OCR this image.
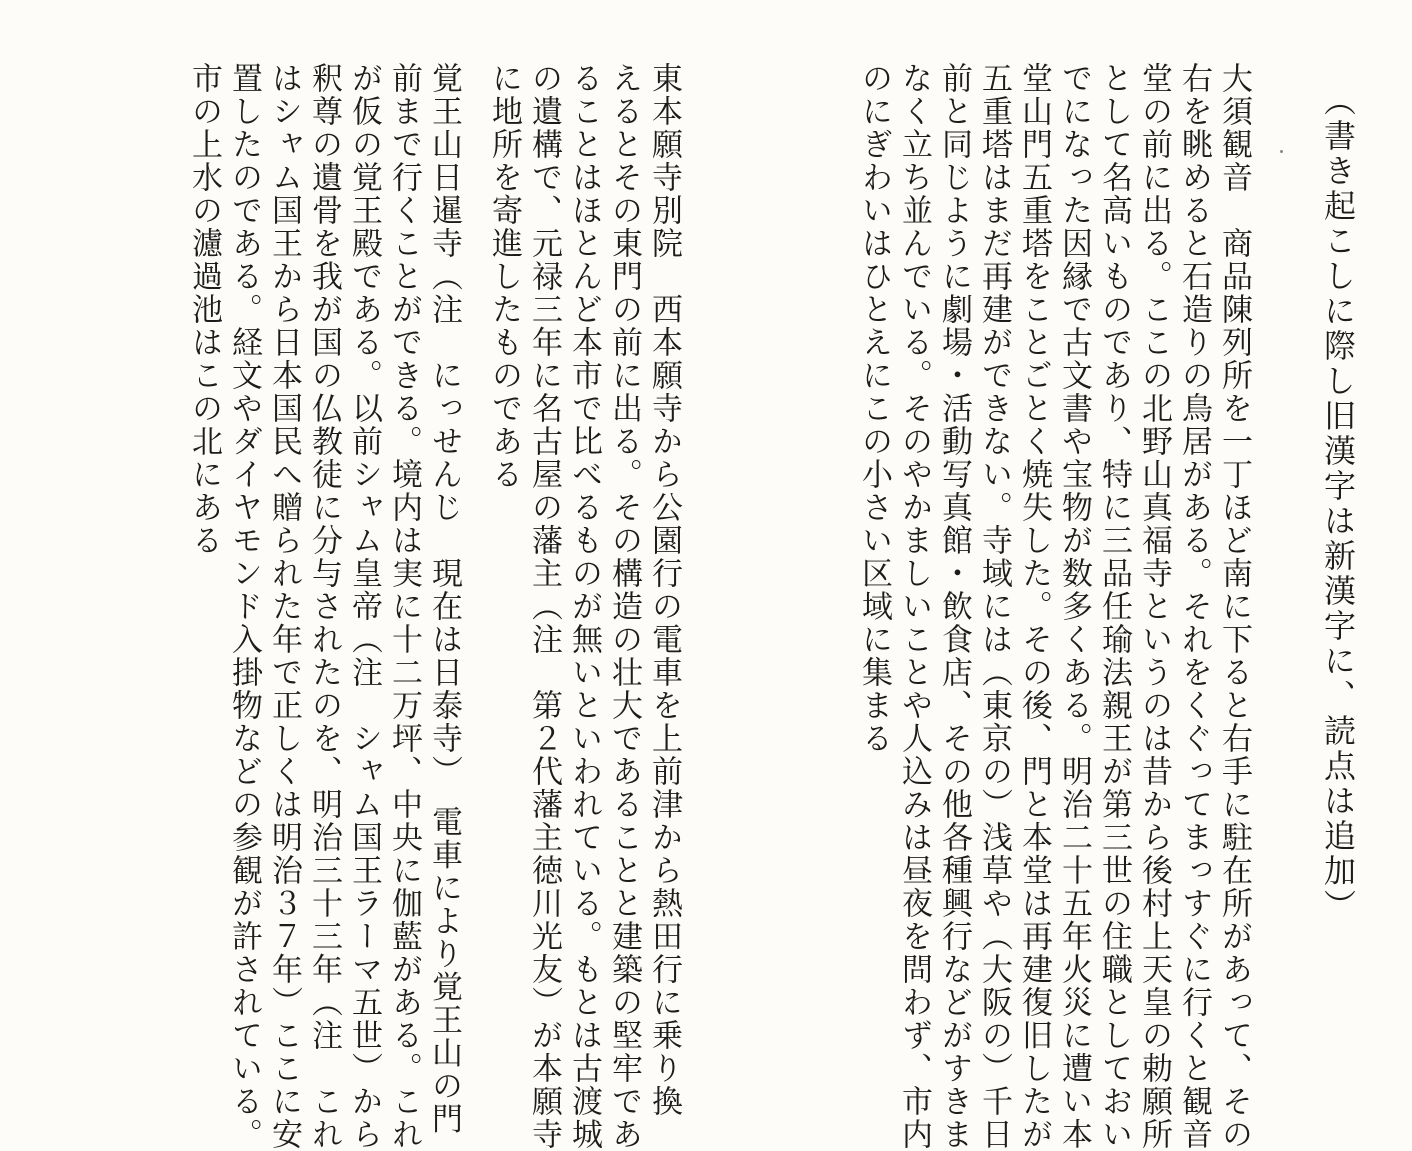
（書き起こしに際し旧漢字は新漢字に、読点は追加）
大須観音　商品陳列所を一丁ほど南に下ると右手に駐在所があって、その
右を眺めると石造りの鳥居がある。それをくぐってまっすぐに行くと観音
堂の前に出る。ここの北野山真福寺というのは昔から後村上天皇の勅願所
として名高いものであり、特に三品任瑜法親王が第三世の住職としておい
でになった因縁で古文書や宝物が数多くある。明治二十五年火災に遭い本
堂山門五重塔をことごとく焼失した。その後、門と本堂は再建復旧したが
五重塔はまだ再建ができない。寺域には（東京の）浅草や（大阪の）千日
前と同じように劇場・活動写真館・飲食店、その他各種興行などがすきま
なく立ち並んでいる。そのやかましいことや人込みは昼夜を問わず、市内
のにぎわいはひとえにこの小さい区域に集まる
東本願寺別院　西本願寺から公園行の電車を上前津から熱田行に乗り換
えるとその東門の前に出る。その構造の壮大であることと建築の堅牢であ
ることはほとんど本市で比べるものが無いといわれている。もとは古渡城
の遺構で、元禄三年に名古屋の藩主（注　第２代藩主徳川光友）が本願寺
に地所を寄進したものである
覚王山日暹寺（注　にっせんじ　現在は日泰寺）　電車により覚王山の門
前まで行くことができる。境内は実に十二万坪、中央に伽藍がある。これ
が仮の覚王殿である。以前シャム皇帝（注　シャム国王ラーマ五世）から
釈尊の遺骨を我が国の仏教徒に分与されたのを、明治三十三年（注　これ
はシャム国王から日本国民へ贈られた年で正しくは明治３７年）ここに安
置したのである。経文やダイヤモンド入掛物などの参観が許されている。
市の上水の濾過池はこの北にある
